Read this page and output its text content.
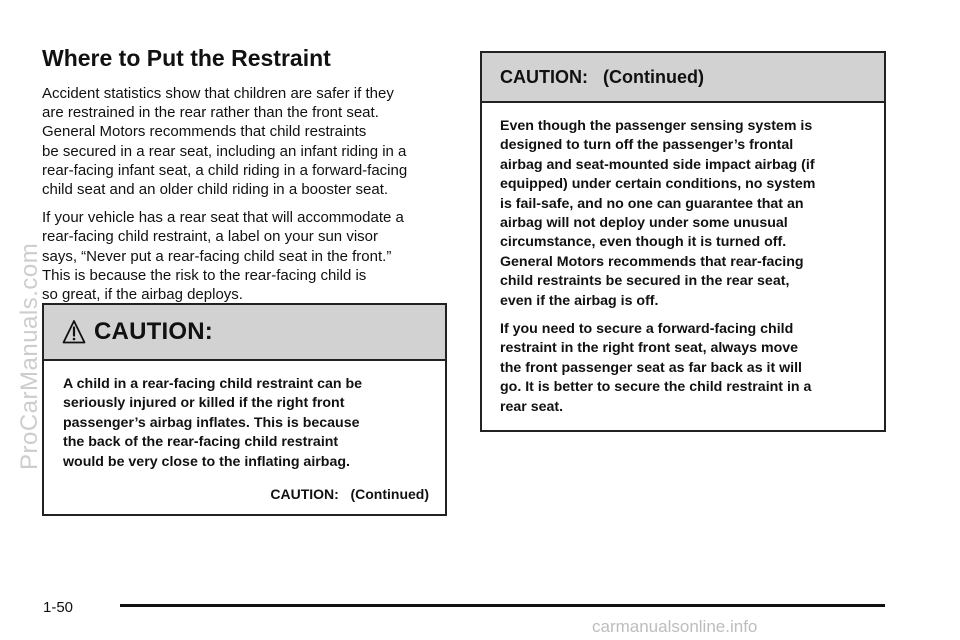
Where to Put the Restraint

Accident statistics show that children are safer if they
are restrained in the rear rather than the front seat.
General Motors recommends that child restraints
be secured in a rear seat, including an infant riding in a
rear-facing infant seat, a child riding in a forward-facing
child seat and an older child riding in a booster seat.

If your vehicle has a rear seat that will accommodate a
rear-facing child restraint, a label on your sun visor
says, “Never put a rear-facing child seat in the front.”
This is because the risk to the rear-facing child is
so great, if the airbag deploys.

CAUTION:

A child in a rear-facing child restraint can be
seriously injured or killed if the right front
passenger’s airbag inflates. This is because
the back of the rear-facing child restraint
would be very close to the inflating airbag.

CAUTION:   (Continued)
CAUTION:   (Continued)

Even though the passenger sensing system is
designed to turn off the passenger’s frontal
airbag and seat-mounted side impact airbag (if
equipped) under certain conditions, no system
is fail-safe, and no one can guarantee that an
airbag will not deploy under some unusual
circumstance, even though it is turned off.
General Motors recommends that rear-facing
child restraints be secured in the rear seat,
even if the airbag is off.

If you need to secure a forward-facing child
restraint in the right front seat, always move
the front passenger seat as far back as it will
go. It is better to secure the child restraint in a
rear seat.

1-50
ProCarManuals.com
carmanualsonline.info
